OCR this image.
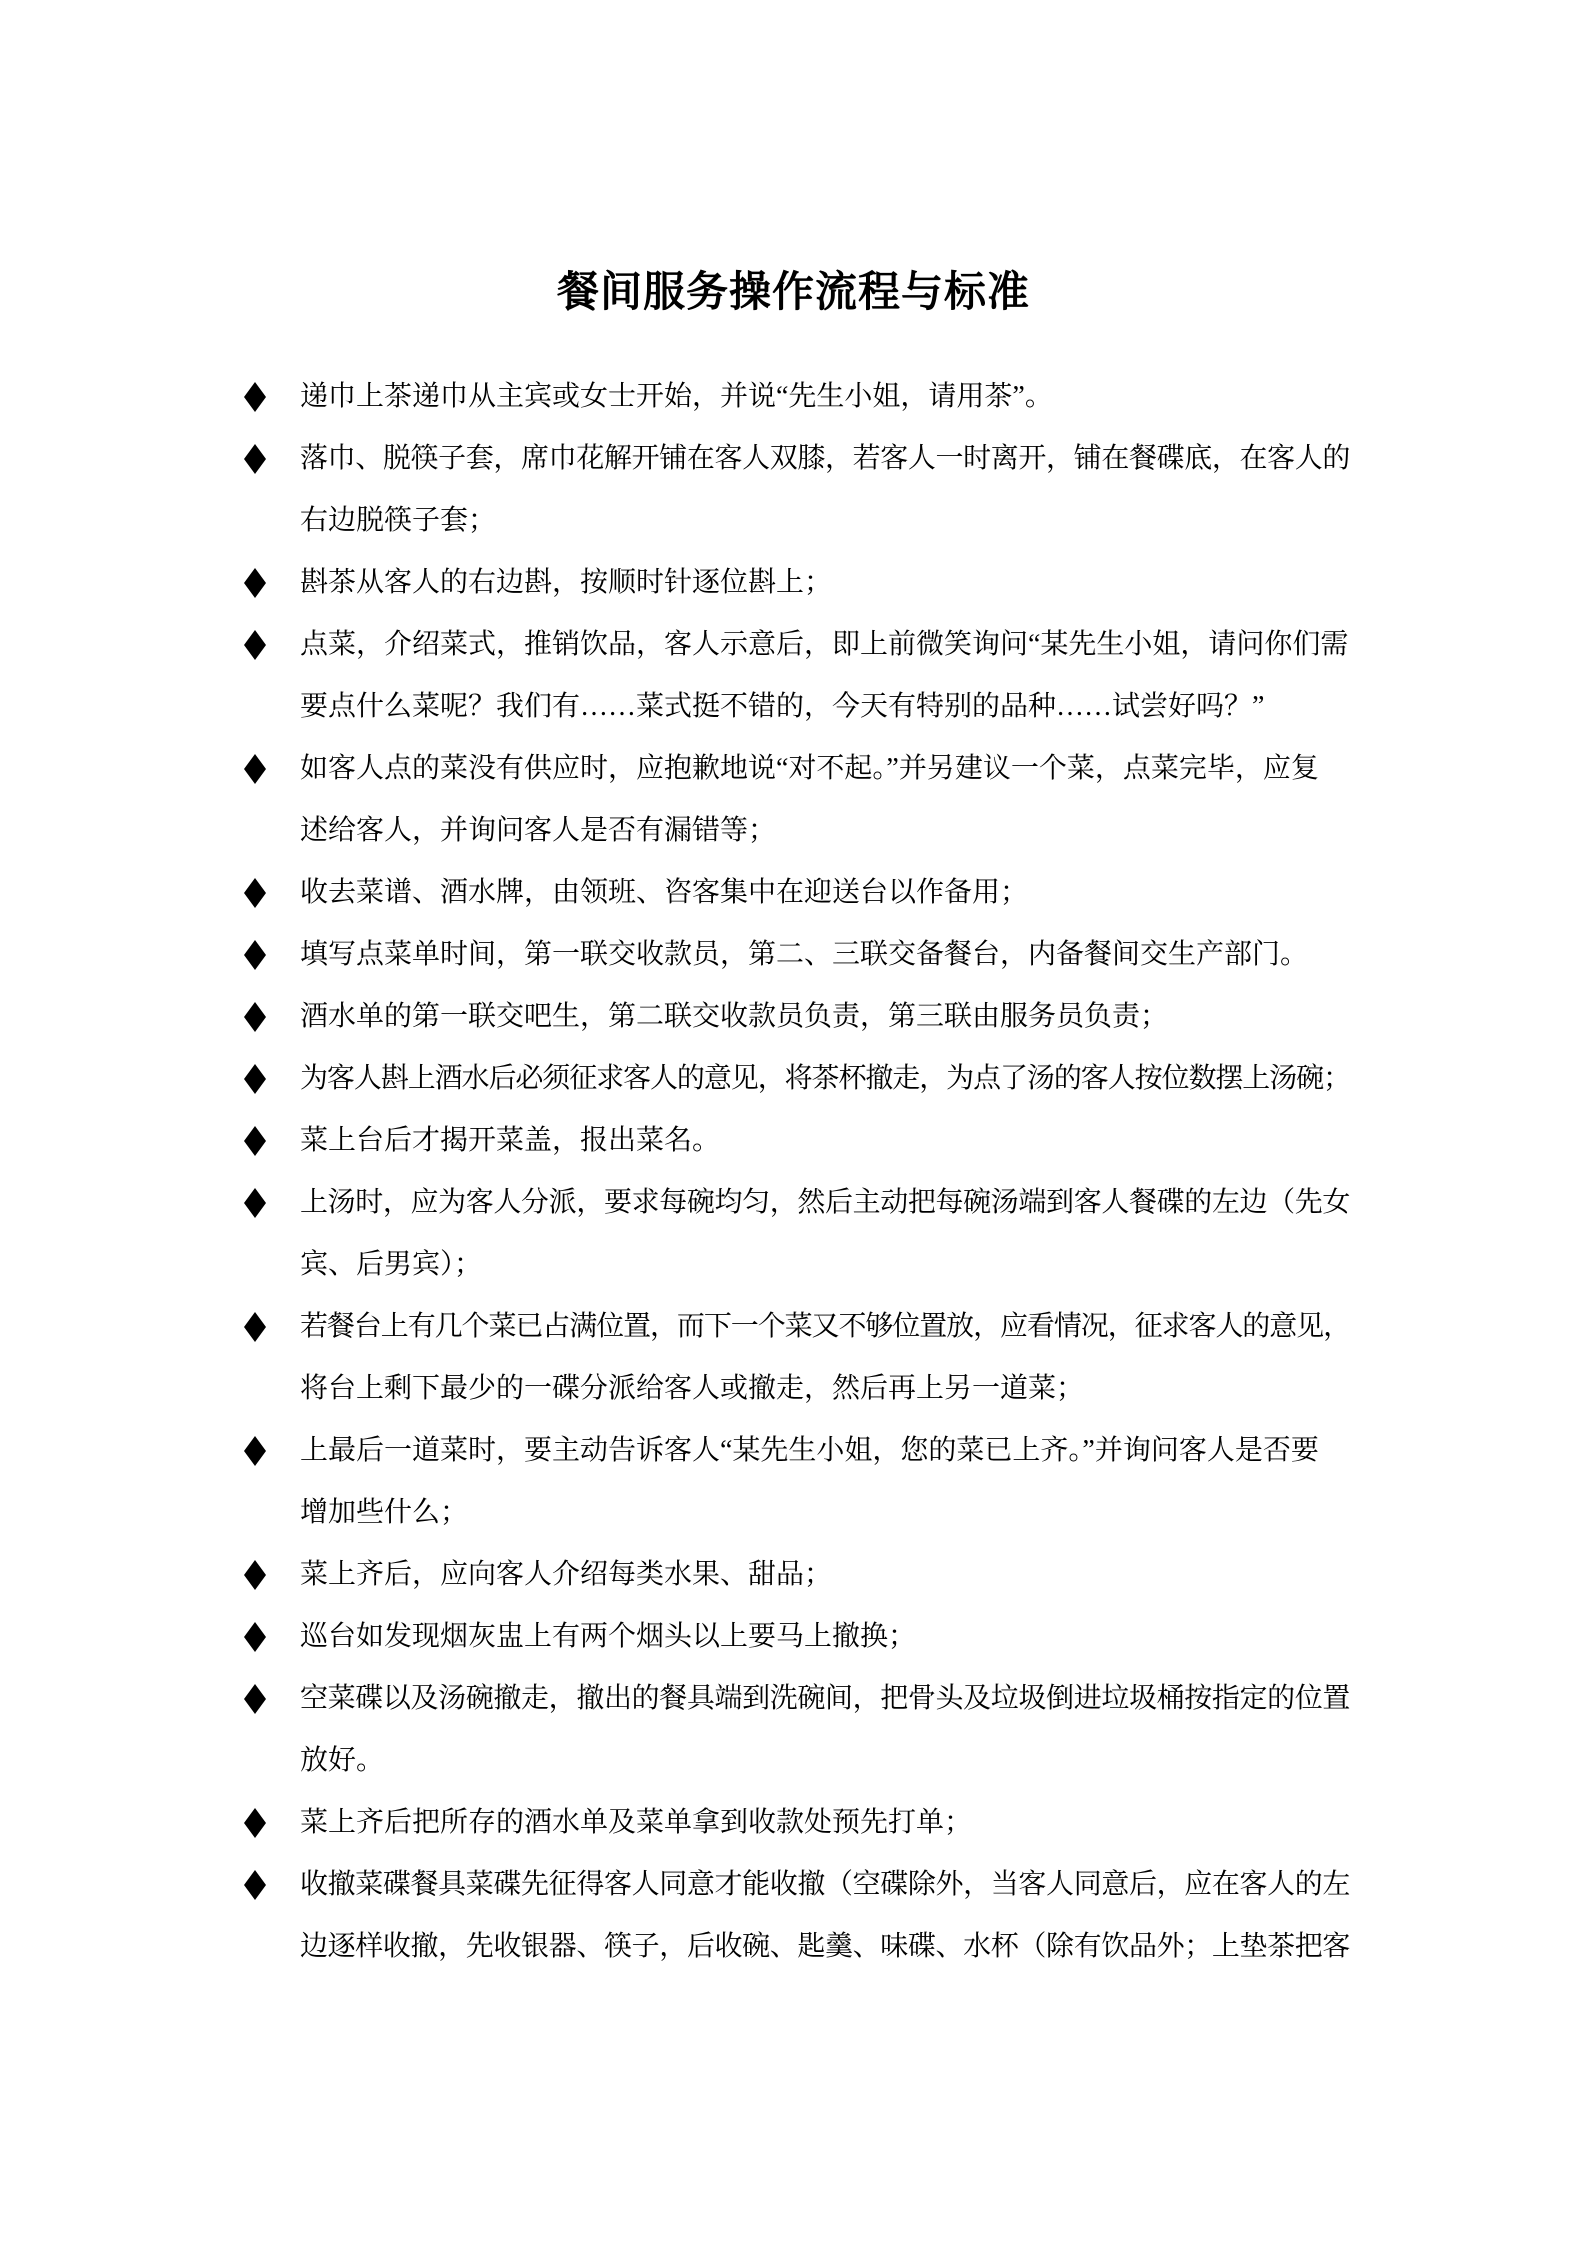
餐间服务操作流程与标准
递巾上茶递巾从主宾或女士开始，并说“先生小姐，请用茶”。
落巾、脱筷子套，席巾花解开铺在客人双膝，若客人一时离开，铺在餐碟底，在客人的
右边脱筷子套；
斟茶从客人的右边斟，按顺时针逐位斟上；
点菜，介绍菜式，推销饮品，客人示意后，即上前微笑询问“某先生小姐，请问你们需
要点什么菜呢？我们有……菜式挺不错的，今天有特别的品种……试尝好吗？”
如客人点的菜没有供应时，应抱歉地说“对不起。”并另建议一个菜，点菜完毕，应复
述给客人，并询问客人是否有漏错等；
收去菜谱、酒水牌，由领班、咨客集中在迎送台以作备用；
填写点菜单时间，第一联交收款员，第二、三联交备餐台，内备餐间交生产部门。
酒水单的第一联交吧生，第二联交收款员负责，第三联由服务员负责；
为客人斟上酒水后必须征求客人的意见，将茶杯撤走，为点了汤的客人按位数摆上汤碗；
菜上台后才揭开菜盖，报出菜名。
上汤时，应为客人分派，要求每碗均匀，然后主动把每碗汤端到客人餐碟的左边（先女
宾、后男宾）；
若餐台上有几个菜已占满位置，而下一个菜又不够位置放，应看情况，征求客人的意见，
将台上剩下最少的一碟分派给客人或撤走，然后再上另一道菜；
上最后一道菜时，要主动告诉客人“某先生小姐，您的菜已上齐。”并询问客人是否要
增加些什么；
菜上齐后，应向客人介绍每类水果、甜品；
巡台如发现烟灰盅上有两个烟头以上要马上撤换；
空菜碟以及汤碗撤走，撤出的餐具端到洗碗间，把骨头及垃圾倒进垃圾桶按指定的位置
放好。
菜上齐后把所存的酒水单及菜单拿到收款处预先打单；
收撤菜碟餐具菜碟先征得客人同意才能收撤（空碟除外，当客人同意后，应在客人的左
边逐样收撤，先收银器、筷子，后收碗、匙羹、味碟、水杯（除有饮品外；上垫茶把客
